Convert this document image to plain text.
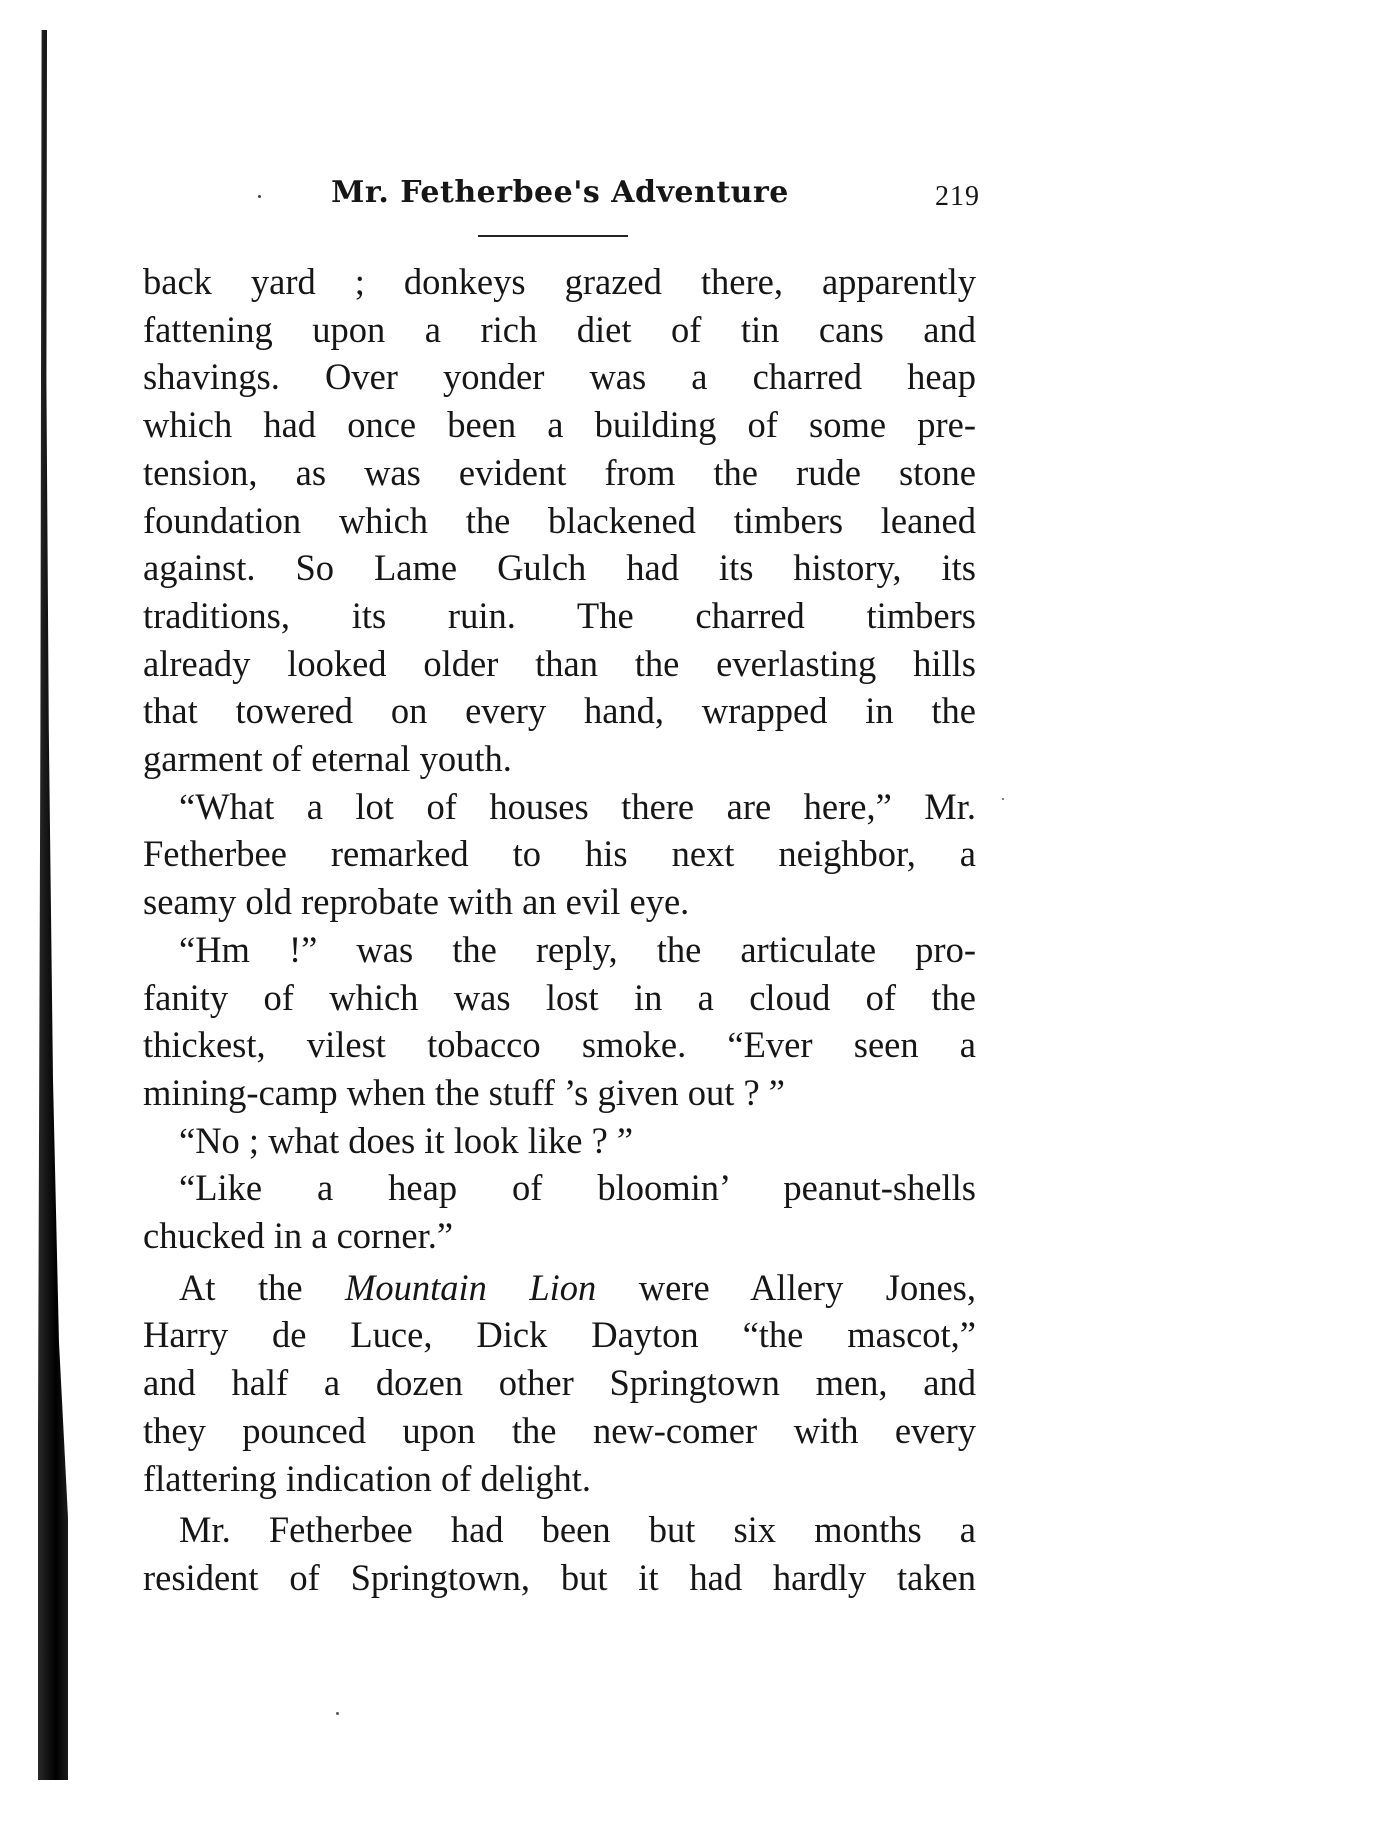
Mr. Fetherbee's Adventure	219

back yard ; donkeys grazed there, apparently
fattening upon a rich diet of tin cans and
shavings. Over yonder was a charred heap
which had once been a building of some pre-
tension, as was evident from the rude stone
foundation which the blackened timbers leaned
against. So Lame Gulch had its history, its
traditions, its ruin. The charred timbers
already looked older than the everlasting hills
that towered on every hand, wrapped in the
garment of eternal youth.

“What a lot of houses there are here,” Mr.
Fetherbee remarked to his next neighbor, a
seamy old reprobate with an evil eye.

“Hm !” was the reply, the articulate pro-
fanity of which was lost in a cloud of the
thickest, vilest tobacco smoke. “Ever seen a
mining-camp when the stuff ’s given out ? ”

“No ; what does it look like ? ”

“Like a heap of bloomin’ peanut-shells
chucked in a corner.”

At the Mountain Lion were Allery Jones,
Harry de Luce, Dick Dayton “the mascot,”
and half a dozen other Springtown men, and
they pounced upon the new-comer with every
flattering indication of delight.

Mr. Fetherbee had been but six months a
resident of Springtown, but it had hardly taken
